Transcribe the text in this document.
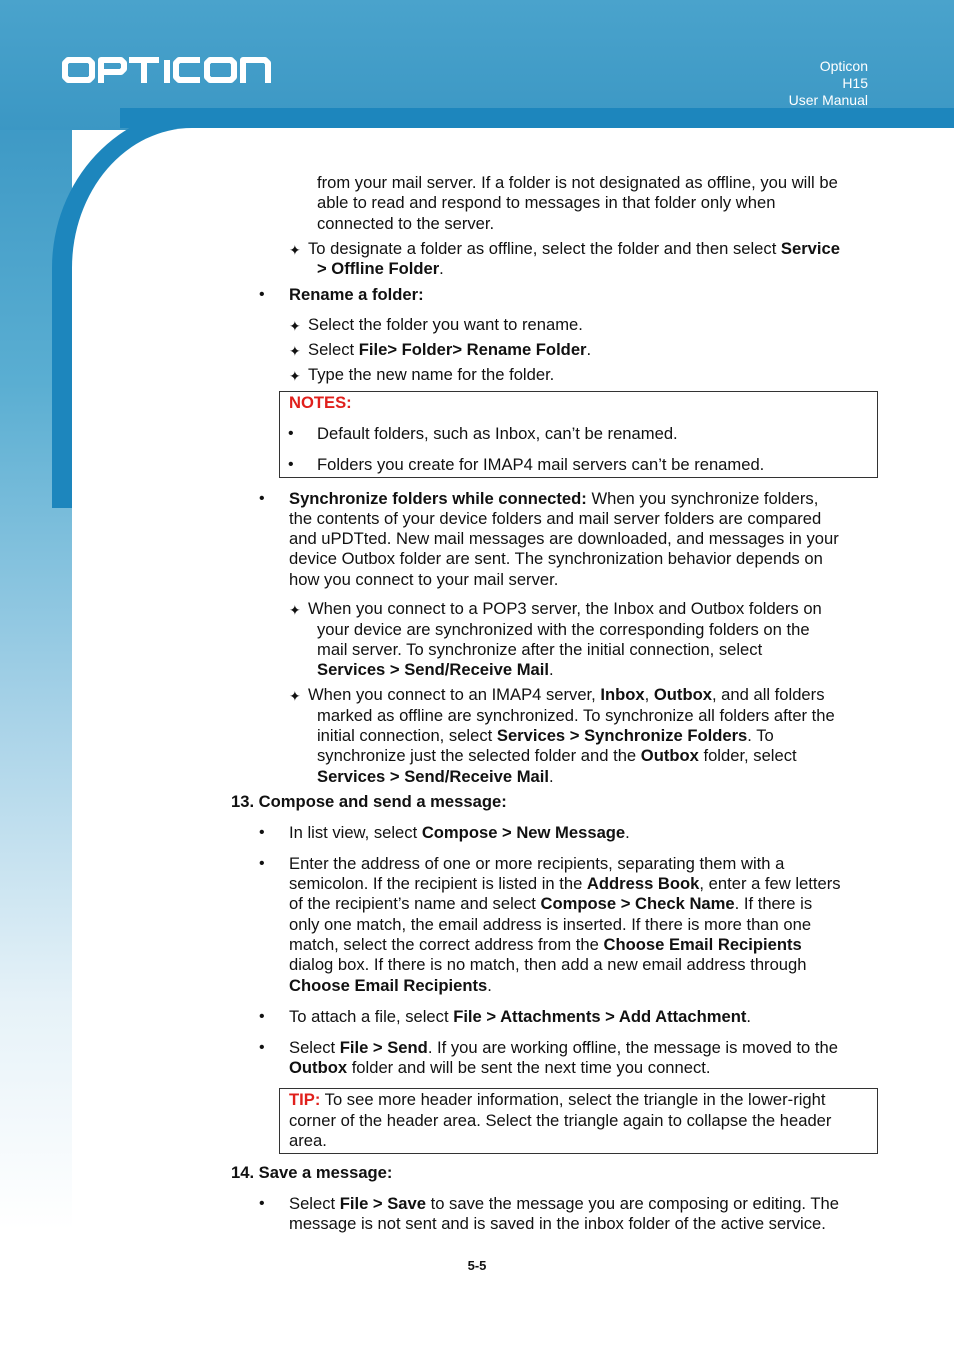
Opticon
H15
User Manual

from your mail server. If a folder is not designated as offline, you will be

able to read and respond to messages in that folder only when

connected to the server.

✦ To designate a folder as offline, select the folder and then select Service

> Offline Folder.

• Rename a folder:

✦ Select the folder you want to rename.

✦ Select File> Folder> Rename Folder.

✦ Type the new name for the folder.

NOTES:

• Default folders, such as Inbox, can’t be renamed.

• Folders you create for IMAP4 mail servers can’t be renamed.

• Synchronize folders while connected: When you synchronize folders,

the contents of your device folders and mail server folders are compared

and uPDTted. New mail messages are downloaded, and messages in your

device Outbox folder are sent. The synchronization behavior depends on

how you connect to your mail server.

✦ When you connect to a POP3 server, the Inbox and Outbox folders on

your device are synchronized with the corresponding folders on the

mail server. To synchronize after the initial connection, select

Services > Send/Receive Mail.

✦ When you connect to an IMAP4 server, Inbox, Outbox, and all folders

marked as offline are synchronized. To synchronize all folders after the

initial connection, select Services > Synchronize Folders. To

synchronize just the selected folder and the Outbox folder, select

Services > Send/Receive Mail.

13. Compose and send a message:

• In list view, select Compose > New Message.

• Enter the address of one or more recipients, separating them with a

semicolon. If the recipient is listed in the Address Book, enter a few letters

of the recipient’s name and select Compose > Check Name. If there is

only one match, the email address is inserted. If there is more than one

match, select the correct address from the Choose Email Recipients

dialog box. If there is no match, then add a new email address through

Choose Email Recipients.

• To attach a file, select File > Attachments > Add Attachment.

• Select File > Send. If you are working offline, the message is moved to the

Outbox folder and will be sent the next time you connect.

TIP: To see more header information, select the triangle in the lower-right

corner of the header area. Select the triangle again to collapse the header

area.

14. Save a message:

• Select File > Save to save the message you are composing or editing. The

message is not sent and is saved in the inbox folder of the active service.

5-5
